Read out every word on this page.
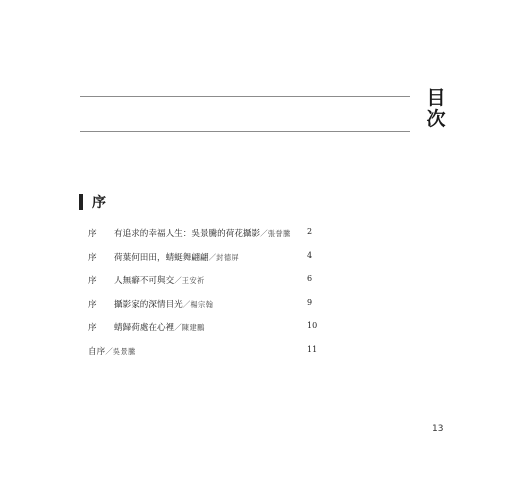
目
次
序
序 有追求的幸福人生：吳景騰的荷花攝影／張誉騰 2
序 荷葉何田田，蜻蜓舞翩翩／封德屏	4
序 人無癖不可與交／王安祈	6
序 攝影家的深情目光／楊宗翰	9
序 蜻歸荷處在心裡／陳建鵬	10
自序／吳景騰	11
13
